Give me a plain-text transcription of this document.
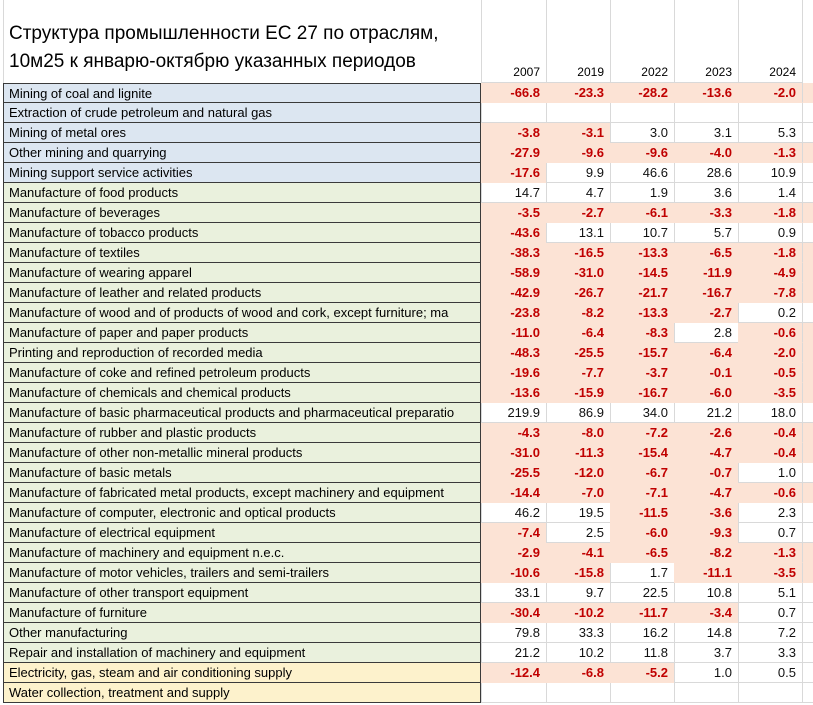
Структура промышленности ЕС 27 по отраслям,
10м25 к январю-октябрю указанных периодов	2007	2019	2022	2023	2024
Mining of coal and lignite	-66.8	-23.3	-28.2	-13.6	-2.0
Extraction of crude petroleum and natural gas
Mining of metal ores	-3.8	-3.1	3.0	3.1	5.3
Other mining and quarrying	-27.9	-9.6	-9.6	-4.0	-1.3
Mining support service activities	-17.6	9.9	46.6	28.6	10.9
Manufacture of food products	14.7	4.7	1.9	3.6	1.4
Manufacture of beverages	-3.5	-2.7	-6.1	-3.3	-1.8
Manufacture of tobacco products	-43.6	13.1	10.7	5.7	0.9
Manufacture of textiles	-38.3	-16.5	-13.3	-6.5	-1.8
Manufacture of wearing apparel	-58.9	-31.0	-14.5	-11.9	-4.9
Manufacture of leather and related products	-42.9	-26.7	-21.7	-16.7	-7.8
Manufacture of wood and of products of wood and cork, except furniture; ma	-23.8	-8.2	-13.3	-2.7	0.2
Manufacture of paper and paper products	-11.0	-6.4	-8.3	2.8	-0.6
Printing and reproduction of recorded media	-48.3	-25.5	-15.7	-6.4	-2.0
Manufacture of coke and refined petroleum products	-19.6	-7.7	-3.7	-0.1	-0.5
Manufacture of chemicals and chemical products	-13.6	-15.9	-16.7	-6.0	-3.5
Manufacture of basic pharmaceutical products and pharmaceutical preparatio	219.9	86.9	34.0	21.2	18.0
Manufacture of rubber and plastic products	-4.3	-8.0	-7.2	-2.6	-0.4
Manufacture of other non-metallic mineral products	-31.0	-11.3	-15.4	-4.7	-0.4
Manufacture of basic metals	-25.5	-12.0	-6.7	-0.7	1.0
Manufacture of fabricated metal products, except machinery and equipment	-14.4	-7.0	-7.1	-4.7	-0.6
Manufacture of computer, electronic and optical products	46.2	19.5	-11.5	-3.6	2.3
Manufacture of electrical equipment	-7.4	2.5	-6.0	-9.3	0.7
Manufacture of machinery and equipment n.e.c.	-2.9	-4.1	-6.5	-8.2	-1.3
Manufacture of motor vehicles, trailers and semi-trailers	-10.6	-15.8	1.7	-11.1	-3.5
Manufacture of other transport equipment	33.1	9.7	22.5	10.8	5.1
Manufacture of furniture	-30.4	-10.2	-11.7	-3.4	0.7
Other manufacturing	79.8	33.3	16.2	14.8	7.2
Repair and installation of machinery and equipment	21.2	10.2	11.8	3.7	3.3
Electricity, gas, steam and air conditioning supply	-12.4	-6.8	-5.2	1.0	0.5
Water collection, treatment and supply
